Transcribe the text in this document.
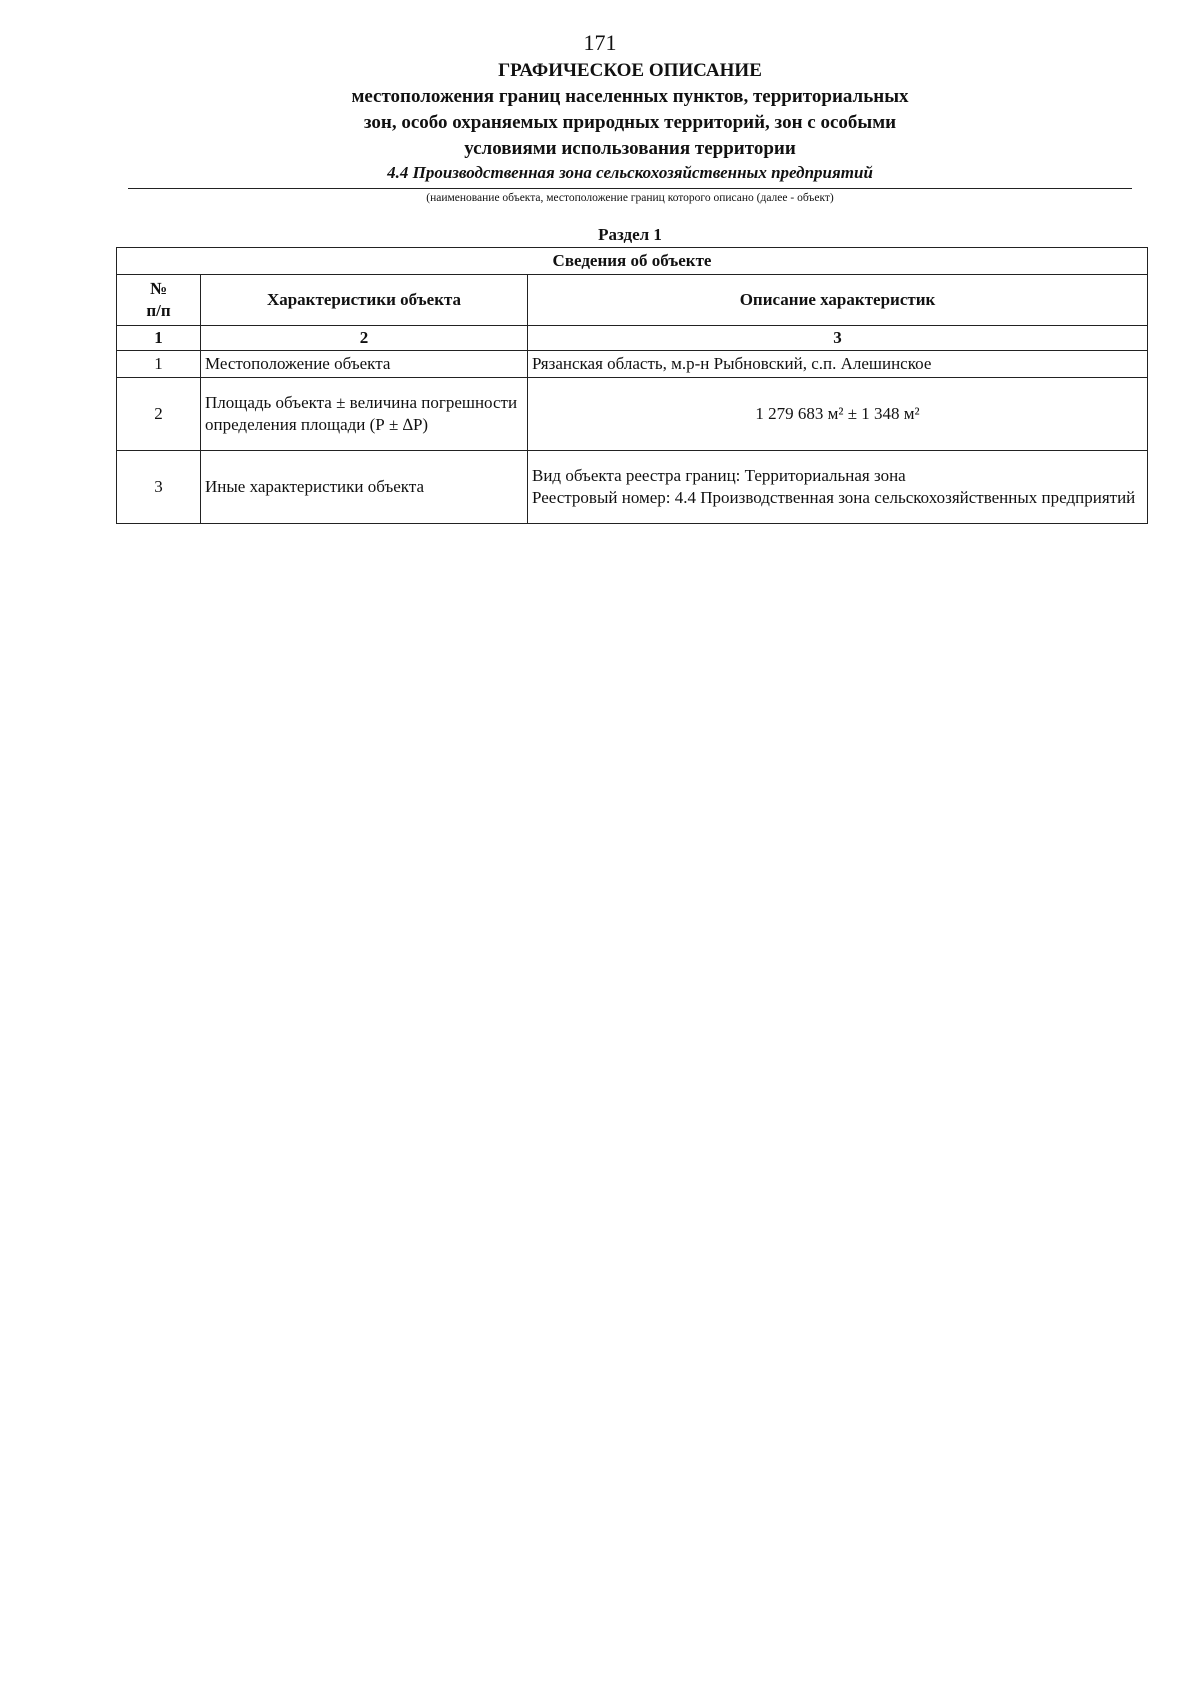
171
ГРАФИЧЕСКОЕ ОПИСАНИЕ
местоположения границ населенных пунктов, территориальных
зон, особо охраняемых природных территорий, зон с особыми
условиями использования территории
4.4 Производственная зона сельскохозяйственных предприятий
(наименование объекта, местоположение границ которого описано (далее - объект)
Раздел 1
Сведения об объекте		
№
п/п	Характеристики объекта	Описание характеристик
1	2	3
1	Местоположение объекта	Рязанская область, м.р-н Рыбновский, с.п. Алешинское
2	Площадь объекта ± величина погрешности определения площади (Р ± ∆Р)	1 279 683 м² ± 1 348 м²
3	Иные характеристики объекта	Вид объекта реестра границ: Территориальная зона
Реестровый номер: 4.4 Производственная зона сельскохозяйственных предприятий
